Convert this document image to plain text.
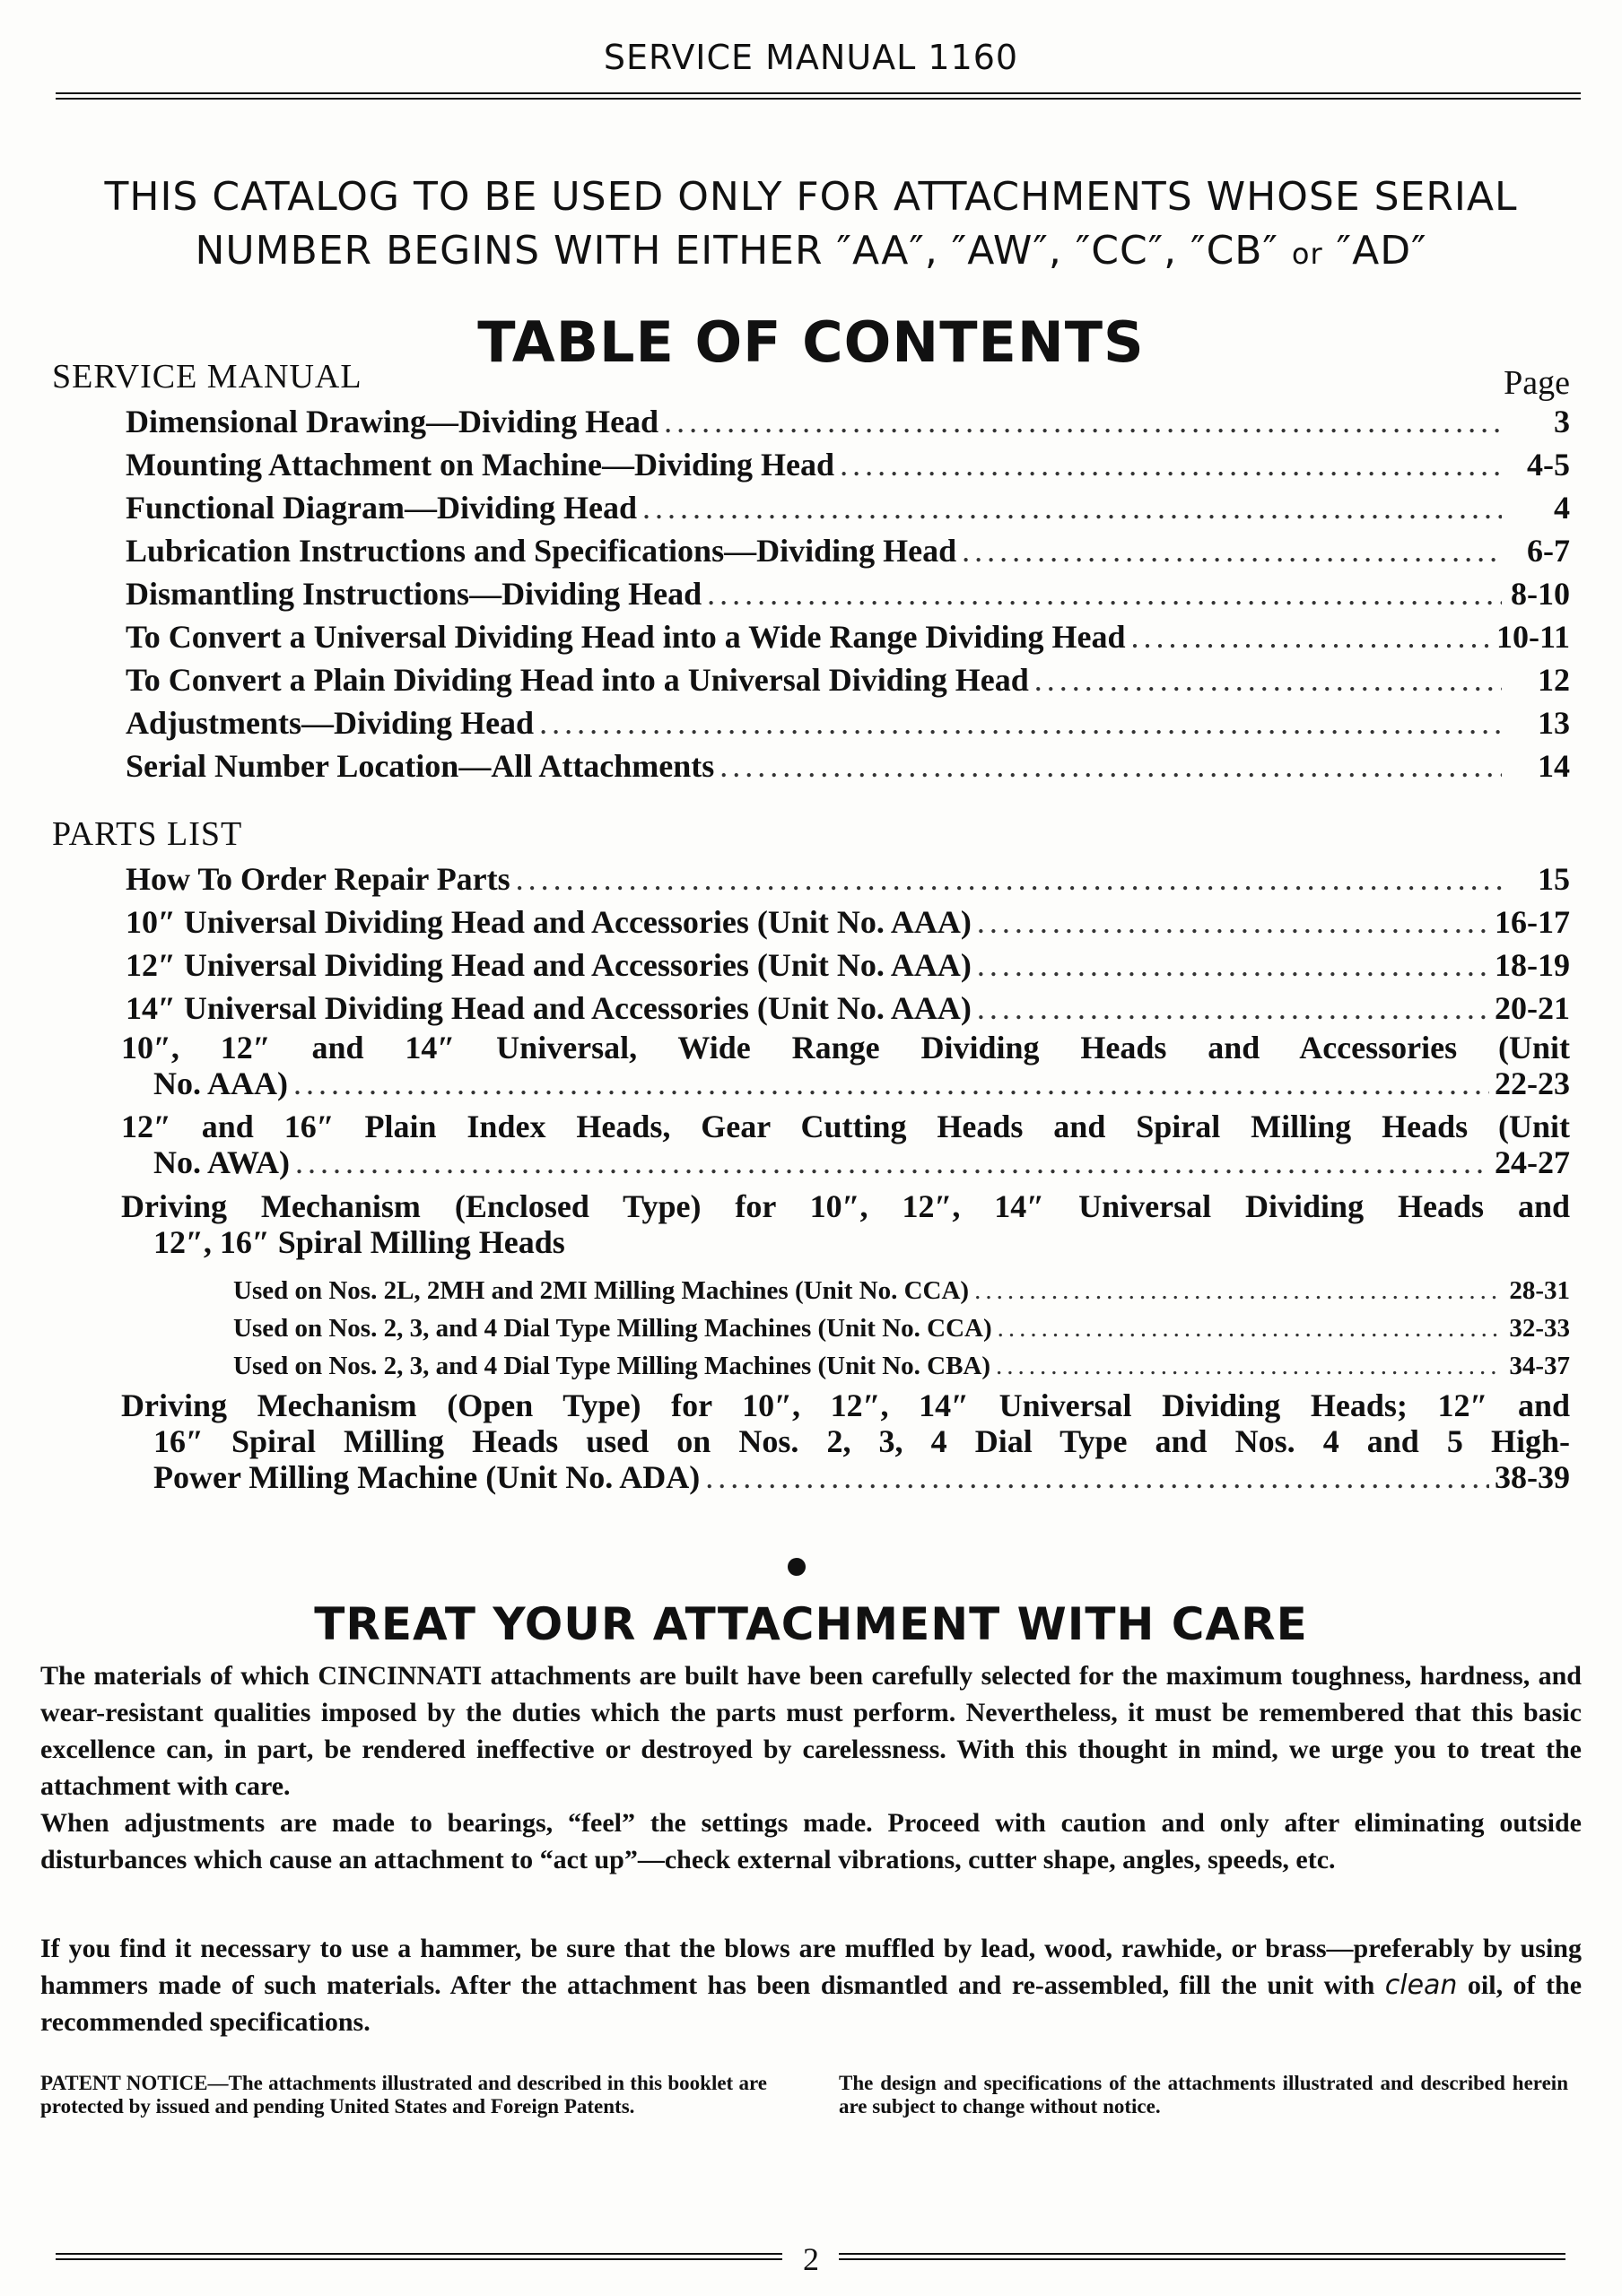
SERVICE MANUAL 1160
THIS CATALOG TO BE USED ONLY FOR ATTACHMENTS WHOSE SERIAL
NUMBER BEGINS WITH EITHER ″AA″, ″AW″, ″CC″, ″CB″ or ″AD″
TABLE OF CONTENTS
SERVICE MANUAL	Page
Dimensional Drawing—Dividing Head .....	3
Mounting Attachment on Machine—Dividing Head .....	4-5
Functional Diagram—Dividing Head .....	4
Lubrication Instructions and Specifications—Dividing Head .....	6-7
Dismantling Instructions—Dividing Head .....	8-10
To Convert a Universal Dividing Head into a Wide Range Dividing Head .....	10-11
To Convert a Plain Dividing Head into a Universal Dividing Head .....	12
Adjustments—Dividing Head .....	13
Serial Number Location—All Attachments .....	14
PARTS LIST
How To Order Repair Parts .....	15
10″ Universal Dividing Head and Accessories (Unit No. AAA) .....	16-17
12″ Universal Dividing Head and Accessories (Unit No. AAA) .....	18-19
14″ Universal Dividing Head and Accessories (Unit No. AAA) .....	20-21
10″, 12″ and 14″ Universal, Wide Range Dividing Heads and Accessories (Unit
No. AAA) .....	22-23
12″ and 16″ Plain Index Heads, Gear Cutting Heads and Spiral Milling Heads (Unit
No. AWA) .....	24-27
Driving Mechanism (Enclosed Type) for 10″, 12″, 14″ Universal Dividing Heads and
12″, 16″ Spiral Milling Heads
Used on Nos. 2L, 2MH and 2MI Milling Machines (Unit No. CCA) .....	28-31
Used on Nos. 2, 3, and 4 Dial Type Milling Machines (Unit No. CCA) .....	32-33
Used on Nos. 2, 3, and 4 Dial Type Milling Machines (Unit No. CBA) .....	34-37
Driving Mechanism (Open Type) for 10″, 12″, 14″ Universal Dividing Heads; 12″ and
16″ Spiral Milling Heads used on Nos. 2, 3, 4 Dial Type and Nos. 4 and 5 High-
Power Milling Machine (Unit No. ADA) .....	38-39
TREAT YOUR ATTACHMENT WITH CARE

The materials of which CINCINNATI attachments are built have been carefully selected for the maximum toughness, hardness, and wear-resistant qualities imposed by the duties which the parts must perform. Nevertheless, it must be remembered that this basic excellence can, in part, be rendered ineffective or destroyed by carelessness. With this thought in mind, we urge you to treat the attachment with care.

When adjustments are made to bearings, “feel” the settings made. Proceed with caution and only after eliminating outside disturbances which cause an attachment to “act up”—check external vibrations, cutter shape, angles, speeds, etc.

If you find it necessary to use a hammer, be sure that the blows are muffled by lead, wood, rawhide, or brass—preferably by using hammers made of such materials. After the attachment has been dismantled and re-assembled, fill the unit with clean oil, of the recommended specifications.

PATENT NOTICE—The attachments illustrated and described in this booklet are protected by issued and pending United States and Foreign Patents.

The design and specifications of the attachments illustrated and described herein are subject to change without notice.

2
